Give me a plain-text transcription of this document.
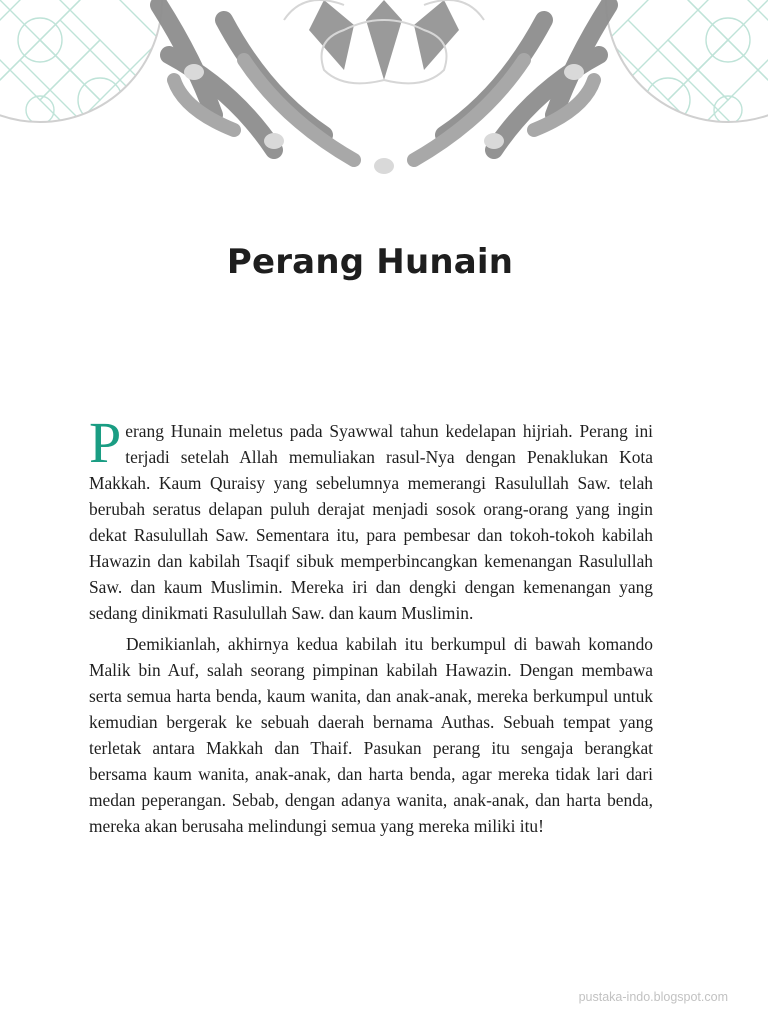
Perang Hunain

Perang Hunain meletus pada Syawwal tahun kedelapan hijriah. Perang ini terjadi setelah Allah memuliakan rasul-Nya dengan Penaklukan Kota Makkah. Kaum Quraisy yang sebelumnya memerangi Rasulullah Saw. telah berubah seratus delapan puluh derajat menjadi sosok orang-orang yang ingin dekat Rasulullah Saw. Sementara itu, para pembesar dan tokoh-tokoh kabilah Hawazin dan kabilah Tsaqif sibuk memperbincangkan kemenangan Rasulullah Saw. dan kaum Muslimin. Mereka iri dan dengki dengan kemenangan yang sedang dinikmati Rasulullah Saw. dan kaum Muslimin.

Demikianlah, akhirnya kedua kabilah itu berkumpul di bawah komando Malik bin Auf, salah seorang pimpinan kabilah Hawazin. Dengan membawa serta semua harta benda, kaum wanita, dan anak-anak, mereka berkumpul untuk kemudian bergerak ke sebuah daerah bernama Authas. Sebuah tempat yang terletak antara Makkah dan Thaif. Pasukan perang itu sengaja berangkat bersama kaum wanita, anak-anak, dan harta benda, agar mereka tidak lari dari medan peperangan. Sebab, dengan adanya wanita, anak-anak, dan harta benda, mereka akan berusaha melindungi semua yang mereka miliki itu!

pustaka-indo.blogspot.com
